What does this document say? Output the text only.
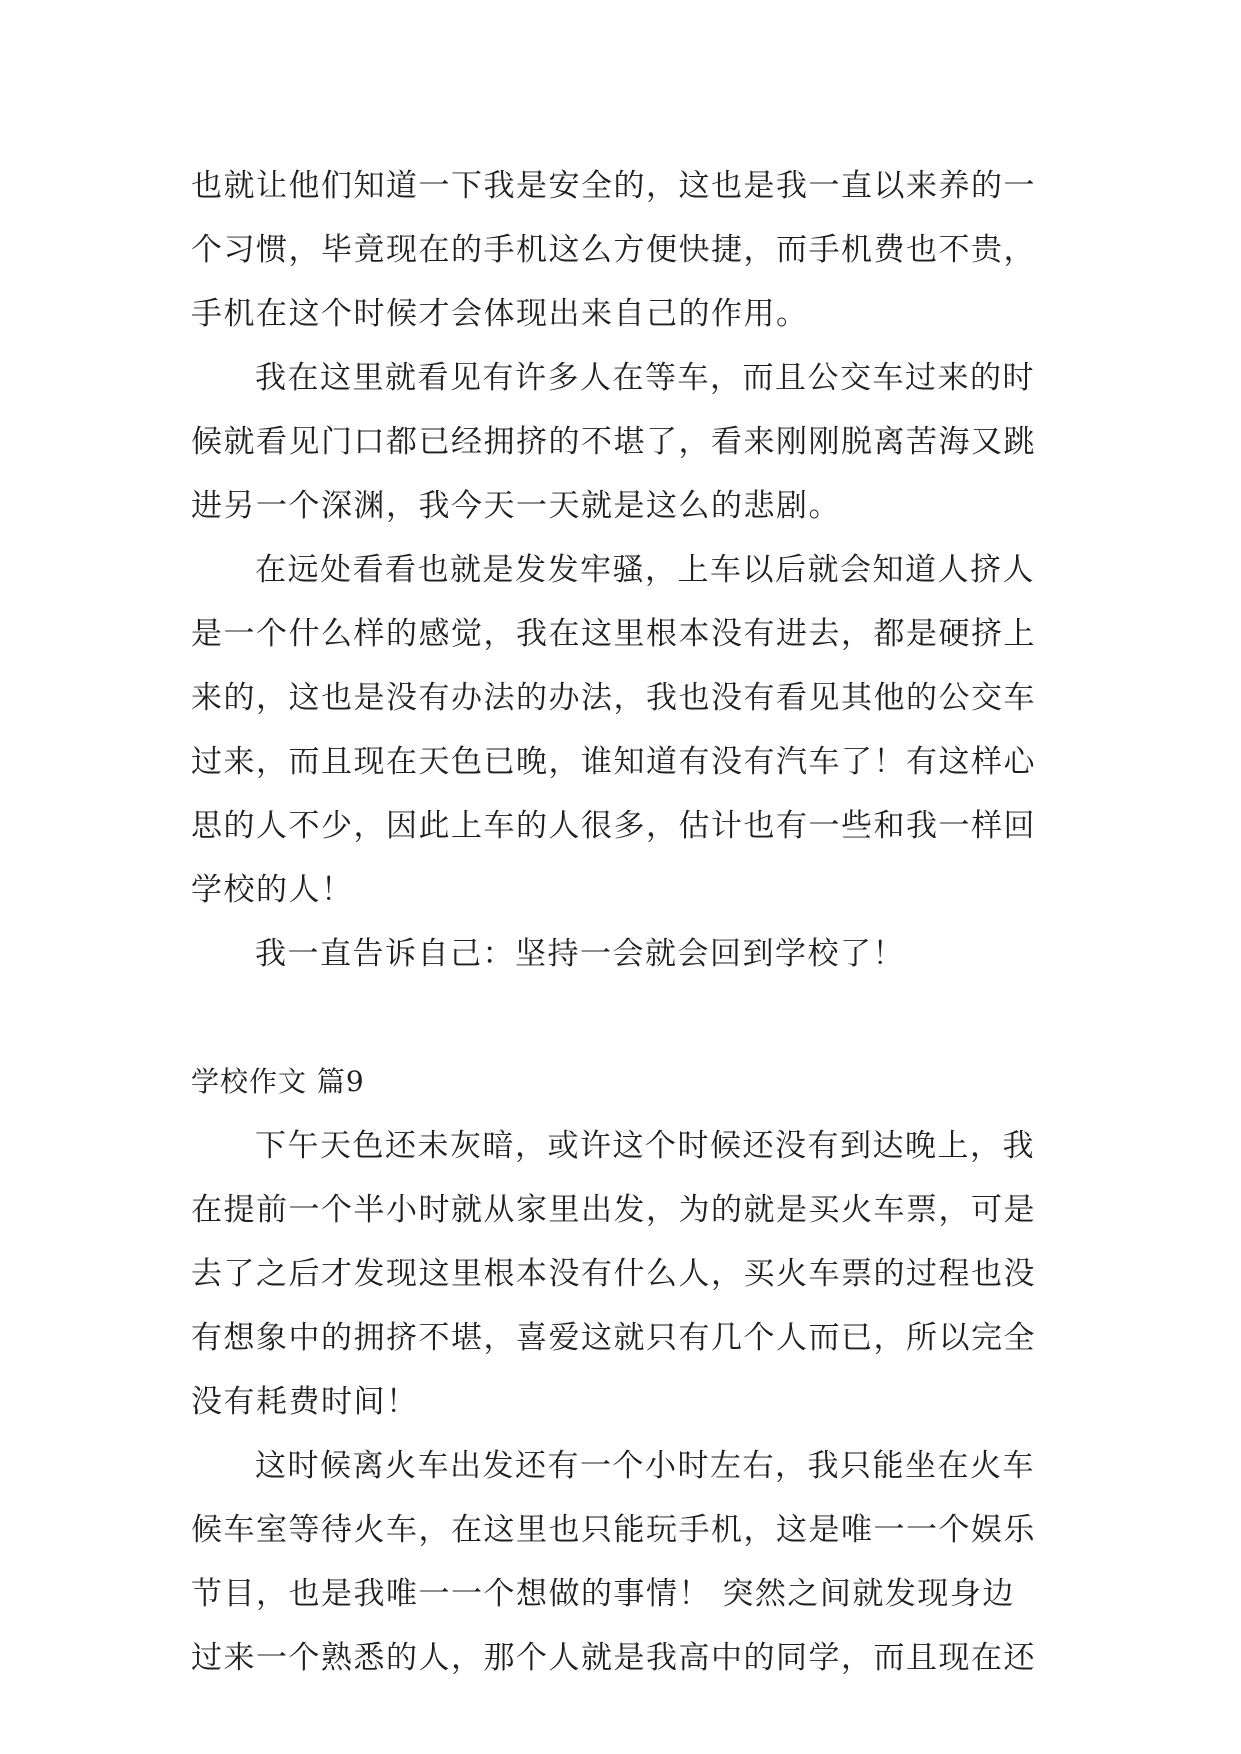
也就让他们知道一下我是安全的，这也是我一直以来养的一
个习惯，毕竟现在的手机这么方便快捷，而手机费也不贵，
手机在这个时候才会体现出来自己的作用。
我在这里就看见有许多人在等车，而且公交车过来的时
候就看见门口都已经拥挤的不堪了，看来刚刚脱离苦海又跳
进另一个深渊，我今天一天就是这么的悲剧。
在远处看看也就是发发牢骚，上车以后就会知道人挤人
是一个什么样的感觉，我在这里根本没有进去，都是硬挤上
来的，这也是没有办法的办法，我也没有看见其他的公交车
过来，而且现在天色已晚，谁知道有没有汽车了！有这样心
思的人不少，因此上车的人很多，估计也有一些和我一样回
学校的人！
我一直告诉自己：坚持一会就会回到学校了！
学校作文 篇9
下午天色还未灰暗，或许这个时候还没有到达晚上，我
在提前一个半小时就从家里出发，为的就是买火车票，可是
去了之后才发现这里根本没有什么人，买火车票的过程也没
有想象中的拥挤不堪，喜爱这就只有几个人而已，所以完全
没有耗费时间！
这时候离火车出发还有一个小时左右，我只能坐在火车
候车室等待火车，在这里也只能玩手机，这是唯一一个娱乐
节目，也是我唯一一个想做的事情！ 突然之间就发现身边
过来一个熟悉的人，那个人就是我高中的同学，而且现在还
